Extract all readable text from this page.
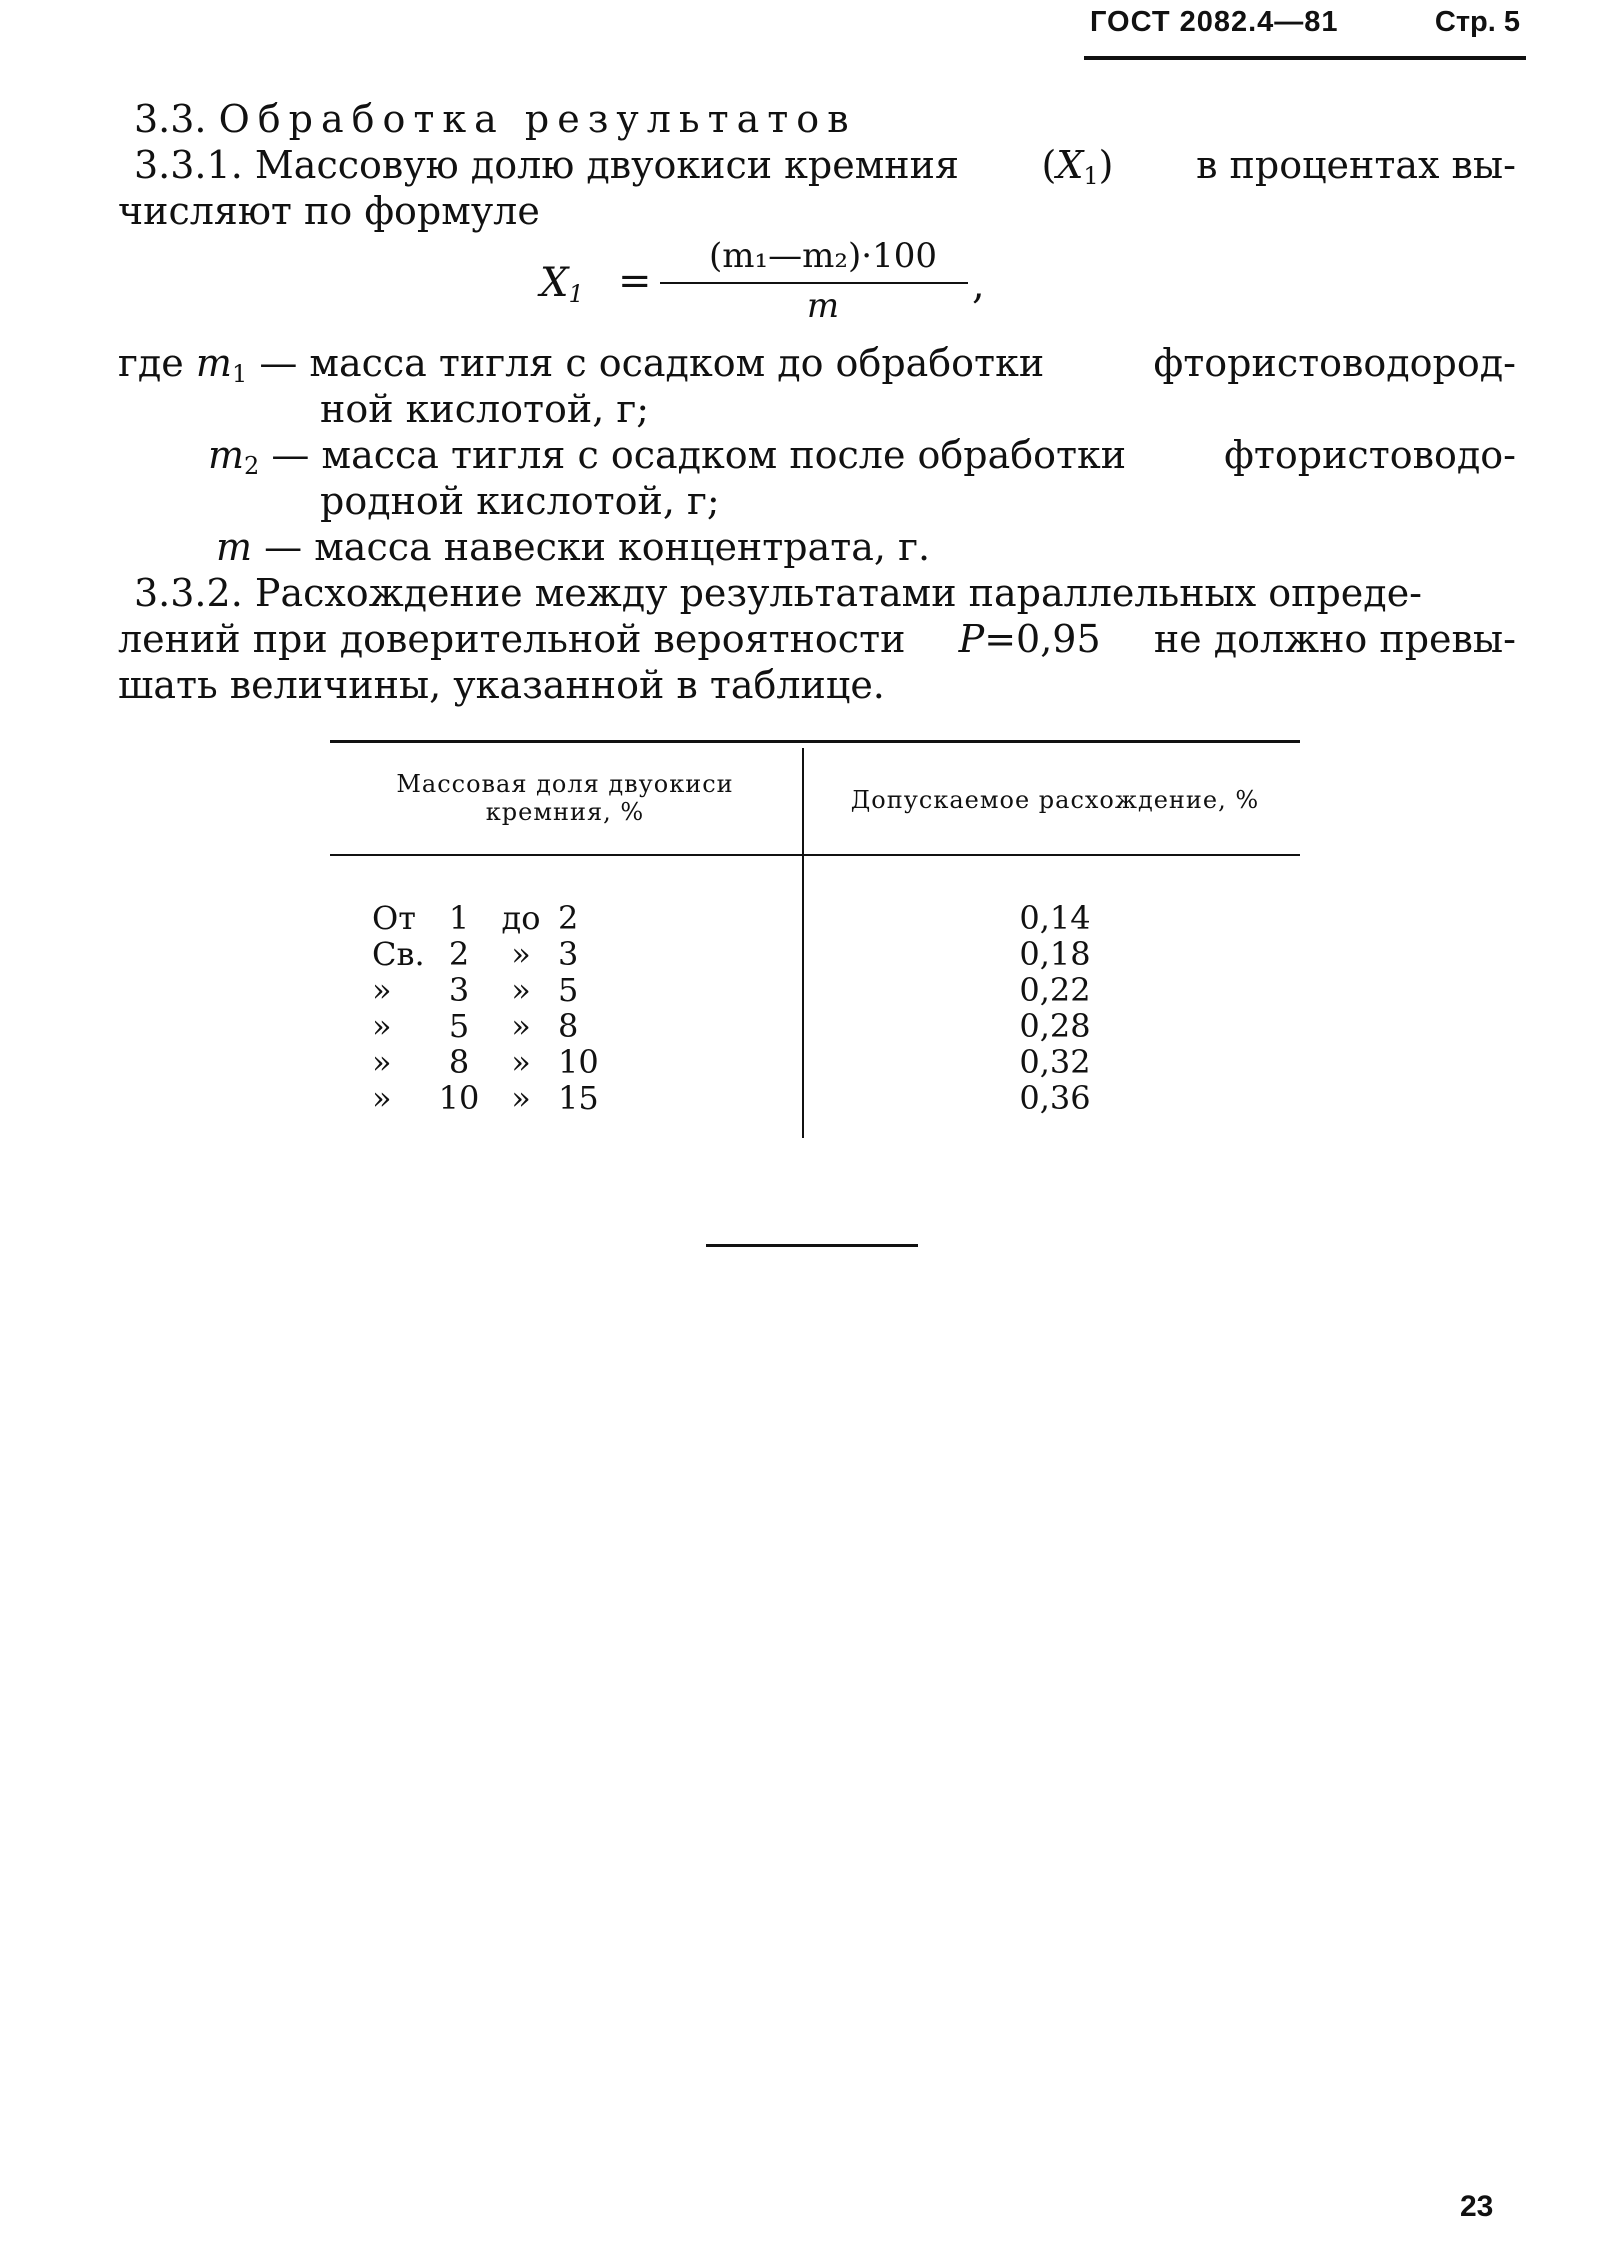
ГОСТ 2082.4—81	Стр. 5
3.3. Обработка результатов
3.3.1. Массовую долю двуокиси кремния $(X_1)$ в процентах вы-
числяют по формуле
$X_1$ =
(m₁—m₂)·100
m	,
где $m_1$ — масса тигля с осадком до обработки	фтористоводород-
ной кислотой, г;
$m_2$ — масса тигля с осадком после обработки	фтористоводо-
родной кислотой, г;
m — масса навески концентрата, г.
3.3.2. Расхождение между результатами параллельных опреде-
лений при доверительной вероятности P=0,95 не должно превы-
шать величины, указанной в таблице.
Массовая доля двуокиси
кремния, %	Допускаемое расхождение, %
От	1	до 2	0,14
Св. 2	» 3	0,18
»	3	» 5	0,22
»	5	» 8	0,28
»	8	» 10	0,32
»	10 » 15	0,36
23
